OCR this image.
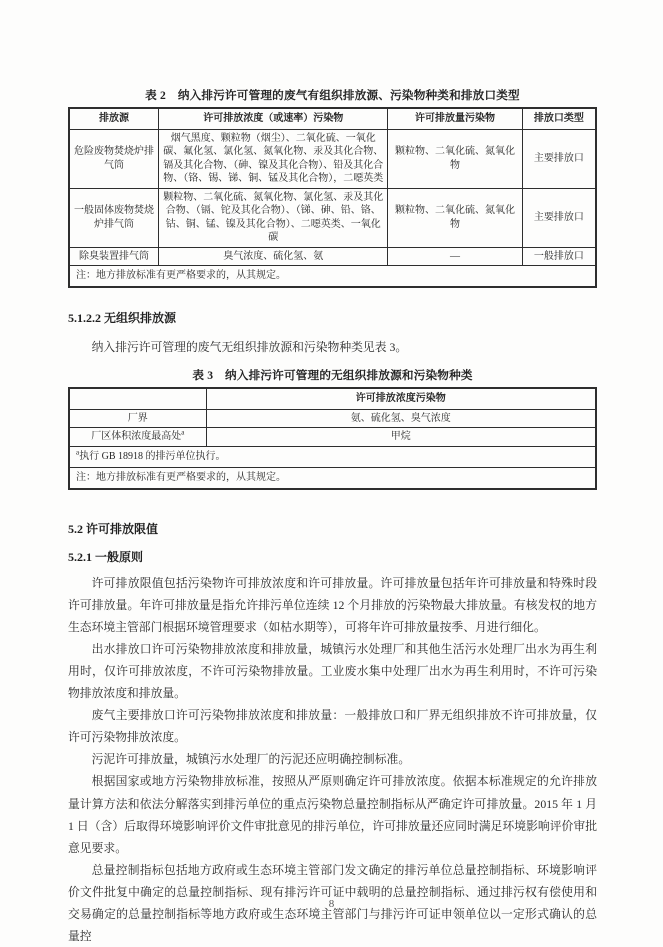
表 2　纳入排污许可管理的废气有组织排放源、污染物种类和排放口类型
排放源	许可排放浓度（或速率）污染物	许可排放量污染物	排放口类型
危险废物焚烧炉排气筒	烟气黑度、颗粒物（烟尘）、二氧化硫、一氧化碳、氟化氢、氯化氢、氮氧化物、汞及其化合物、镉及其化合物、（砷、镍及其化合物）、铅及其化合物、（铬、锡、锑、铜、锰及其化合物），二噁英类	颗粒物、二氧化硫、氮氧化物	主要排放口
一般固体废物焚烧炉排气筒	颗粒物、二氧化硫、氮氧化物、氯化氢、汞及其化合物、（镉、铊及其化合物）、（锑、砷、铅、铬、钴、铜、锰、镍及其化合物）、二噁英类、一氧化碳	颗粒物、二氧化硫、氮氧化物	主要排放口
除臭装置排气筒	臭气浓度、硫化氢、氨	—	一般排放口
注：地方排放标准有更严格要求的，从其规定。			
5.1.2.2 无组织排放源

纳入排污许可管理的废气无组织排放源和污染物种类见表 3。

表 3　纳入排污许可管理的无组织排放源和污染物种类
	许可排放浓度污染物
厂界	氨、硫化氢、臭气浓度
厂区体积浓度最高处$^a$	甲烷
$^a$执行 GB 18918 的排污单位执行。	
注：地方排放标准有更严格要求的，从其规定。	
5.2 许可排放限值
5.2.1 一般原则

许可排放限值包括污染物许可排放浓度和许可排放量。许可排放量包括年许可排放量和特殊时段许可排放量。年许可排放量是指允许排污单位连续 12 个月排放的污染物最大排放量。有核发权的地方生态环境主管部门根据环境管理要求（如枯水期等），可将年许可排放量按季、月进行细化。

出水排放口许可污染物排放浓度和排放量，城镇污水处理厂和其他生活污水处理厂出水为再生利用时，仅许可排放浓度，不许可污染物排放量。工业废水集中处理厂出水为再生利用时，不许可污染物排放浓度和排放量。

废气主要排放口许可污染物排放浓度和排放量：一般排放口和厂界无组织排放不许可排放量，仅许可污染物排放浓度。

污泥许可排放量，城镇污水处理厂的污泥还应明确控制标准。

根据国家或地方污染物排放标准，按照从严原则确定许可排放浓度。依据本标准规定的允许排放量计算方法和依法分解落实到排污单位的重点污染物总量控制指标从严确定许可排放量。2015 年 1 月 1 日（含）后取得环境影响评价文件审批意见的排污单位，许可排放量还应同时满足环境影响评价审批意见要求。

总量控制指标包括地方政府或生态环境主管部门发文确定的排污单位总量控制指标、环境影响评价文件批复中确定的总量控制指标、现有排污许可证中载明的总量控制指标、通过排污权有偿使用和交易确定的总量控制指标等地方政府或生态环境主管部门与排污许可证申领单位以一定形式确认的总量控

8
